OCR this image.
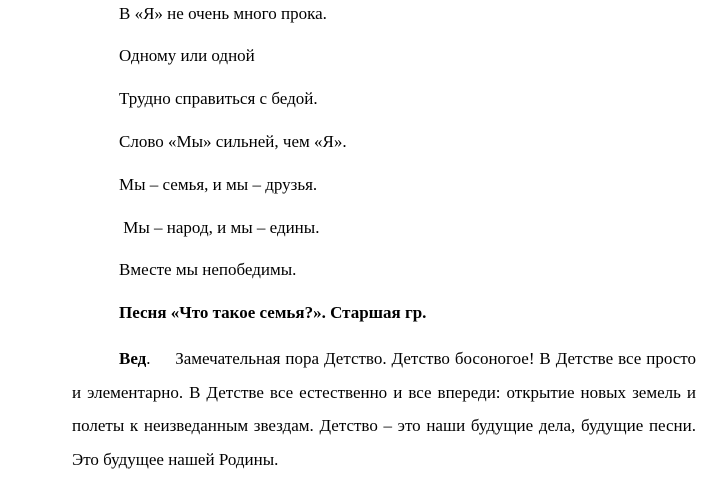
В «Я» не очень много прока.
Одному или одной
Трудно справиться с бедой.
Слово «Мы» сильней, чем «Я».
Мы – семья, и мы – друзья.
Мы – народ, и мы – едины.
Вместе мы непобедимы.
Песня «Что такое семья?». Старшая гр.
Вед.     Замечательная пора Детство. Детство босоногое! В Детстве все просто и элементарно. В Детстве все естественно и все впереди: открытие новых земель и полеты к неизведанным звездам. Детство – это наши будущие дела, будущие песни. Это будущее нашей Родины.
